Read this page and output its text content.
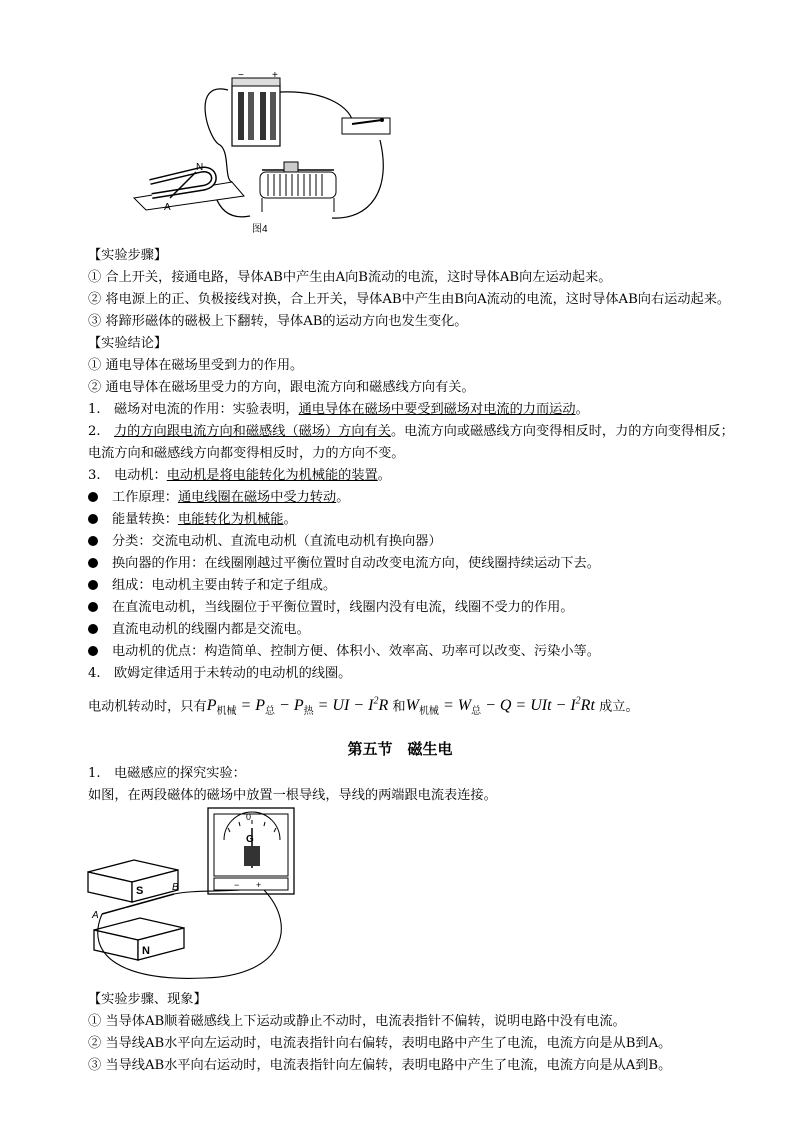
−	+
N
A
图4
【实验步骤】
① 合上开关，接通电路，导体AB中产生由A向B流动的电流，这时导体AB向左运动起来。
② 将电源上的正、负极接线对换，合上开关，导体AB中产生由B向A流动的电流，这时导体AB向右运动起来。
③ 将蹄形磁体的磁极上下翻转，导体AB的运动方向也发生变化。
【实验结论】
① 通电导体在磁场里受到力的作用。
② 通电导体在磁场里受力的方向，跟电流方向和磁感线方向有关。
1. 磁场对电流的作用：实验表明，通电导体在磁场中要受到磁场对电流的力而运动。
2. 力的方向跟电流方向和磁感线（磁场）方向有关。电流方向或磁感线方向变得相反时，力的方向变得相反；
电流方向和磁感线方向都变得相反时，力的方向不变。
3. 电动机：电动机是将电能转化为机械能的装置。
工作原理：通电线圈在磁场中受力转动。
能量转换：电能转化为机械能。
分类：交流电动机、直流电动机（直流电动机有换向器）
换向器的作用：在线圈刚越过平衡位置时自动改变电流方向，使线圈持续运动下去。
组成：电动机主要由转子和定子组成。
在直流电动机，当线圈位于平衡位置时，线圈内没有电流，线圈不受力的作用。
直流电动机的线圈内都是交流电。
电动机的优点：构造简单、控制方便、体积小、效率高、功率可以改变、污染小等。
4. 欧姆定律适用于未转动的电动机的线圈。
电动机转动时，只有$P_{机械} = P_总 - P_热$ = UI − $I^2R$ 和$W_{机械} = W_总 - Q$ = UIt − $I^2Rt$ 成立。
第五节　磁生电
1. 电磁感应的探究实验：
如图，在两段磁体的磁场中放置一根导线，导线的两端跟电流表连接。
0
G
− +
S
N
B
A
【实验步骤、现象】
① 当导体AB顺着磁感线上下运动或静止不动时，电流表指针不偏转，说明电路中没有电流。
② 当导线AB水平向左运动时，电流表指针向右偏转，表明电路中产生了电流，电流方向是从B到A。
③ 当导线AB水平向右运动时，电流表指针向左偏转，表明电路中产生了电流，电流方向是从A到B。
